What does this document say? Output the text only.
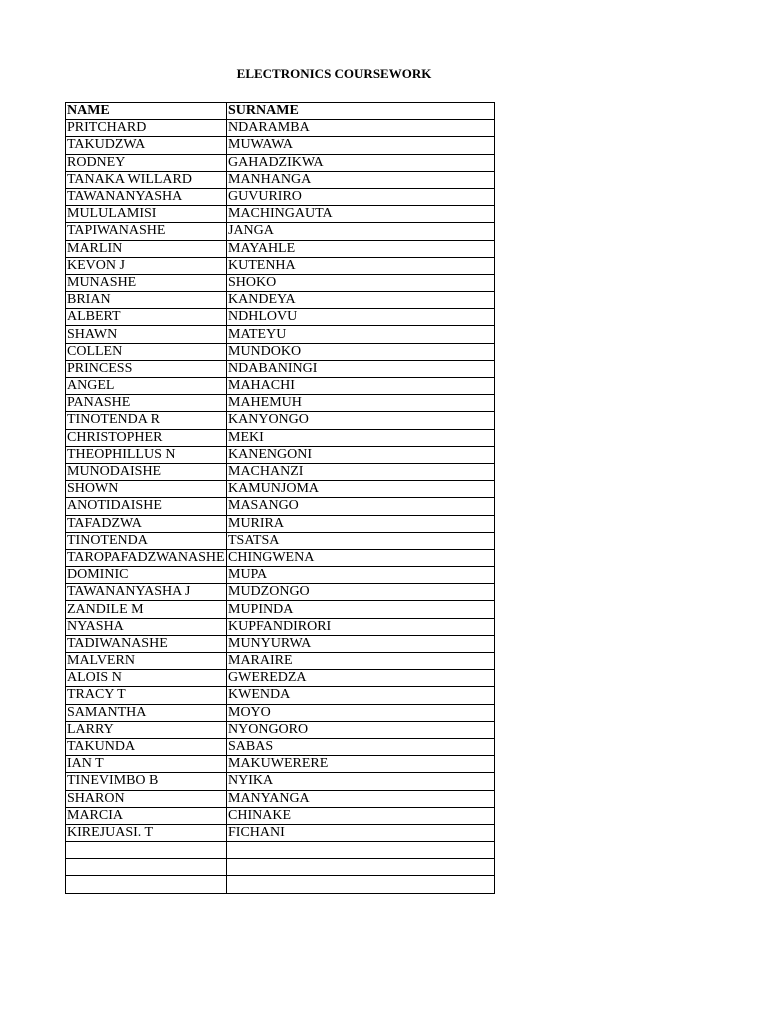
ELECTRONICS COURSEWORK
NAME	SURNAME
PRITCHARD	NDARAMBA
TAKUDZWA	MUWAWA
RODNEY	GAHADZIKWA
TANAKA WILLARD	MANHANGA
TAWANANYASHA	GUVURIRO
MULULAMISI	MACHINGAUTA
TAPIWANASHE	JANGA
MARLIN	MAYAHLE
KEVON J	KUTENHA
MUNASHE	SHOKO
BRIAN	KANDEYA
ALBERT	NDHLOVU
SHAWN	MATEYU
COLLEN	MUNDOKO
PRINCESS	NDABANINGI
ANGEL	MAHACHI
PANASHE	MAHEMUH
TINOTENDA R	KANYONGO
CHRISTOPHER	MEKI
THEOPHILLUS N	KANENGONI
MUNODAISHE	MACHANZI
SHOWN	KAMUNJOMA
ANOTIDAISHE	MASANGO
TAFADZWA	MURIRA
TINOTENDA	TSATSA
TAROPAFADZWANASHE	CHINGWENA
DOMINIC	MUPA
TAWANANYASHA J	MUDZONGO
ZANDILE M	MUPINDA
NYASHA	KUPFANDIRORI
TADIWANASHE	MUNYURWA
MALVERN	MARAIRE
ALOIS N	GWEREDZA
TRACY T	KWENDA
SAMANTHA	MOYO
LARRY	NYONGORO
TAKUNDA	SABAS
IAN T	MAKUWERERE
TINEVIMBO B	NYIKA
SHARON	MANYANGA
MARCIA	CHINAKE
KIREJUASI. T	FICHANI
